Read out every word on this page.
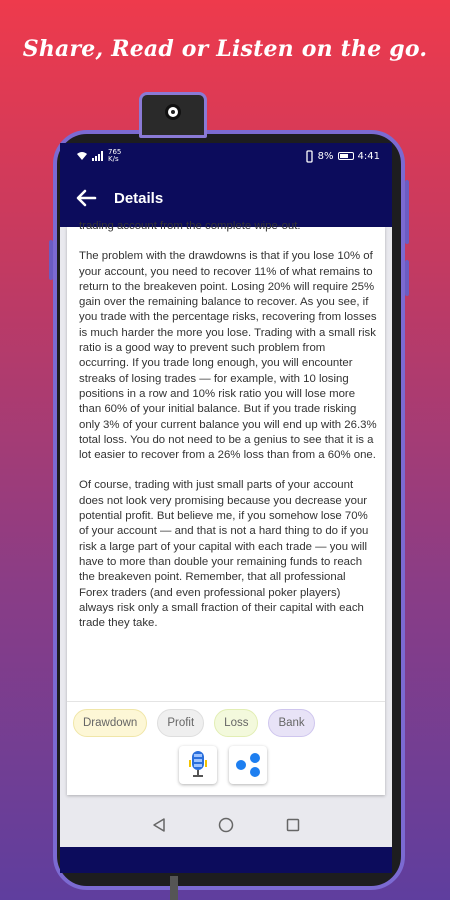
Share, Read or Listen on the go.
765
K/s	8% 4:41
Details

trading account from the complete wipe-out.

The problem with the drawdowns is that if you lose 10% of your account, you need to recover 11% of what remains to return to the breakeven point. Losing 20% will require 25% gain over the remaining balance to recover. As you see, if you trade with the percentage risks, recovering from losses is much harder the more you lose. Trading with a small risk ratio is a good way to prevent such problem from occurring. If you trade long enough, you will encounter streaks of losing trades — for example, with 10 losing positions in a row and 10% risk ratio you will lose more than 60% of your initial balance. But if you trade risking only 3% of your current balance you will end up with 26.3% total loss. You do not need to be a genius to see that it is a lot easier to recover from a 26% loss than from a 60% one.

Of course, trading with just small parts of your account does not look very promising because you decrease your potential profit. But believe me, if you somehow lose 70% of your account — and that is not a hard thing to do if you risk a large part of your capital with each trade — you will have to more than double your remaining funds to reach the breakeven point. Remember, that all professional Forex traders (and even professional poker players) always risk only a small fraction of their capital with each trade they take.

Drawdown	Profit	Loss	Bank
